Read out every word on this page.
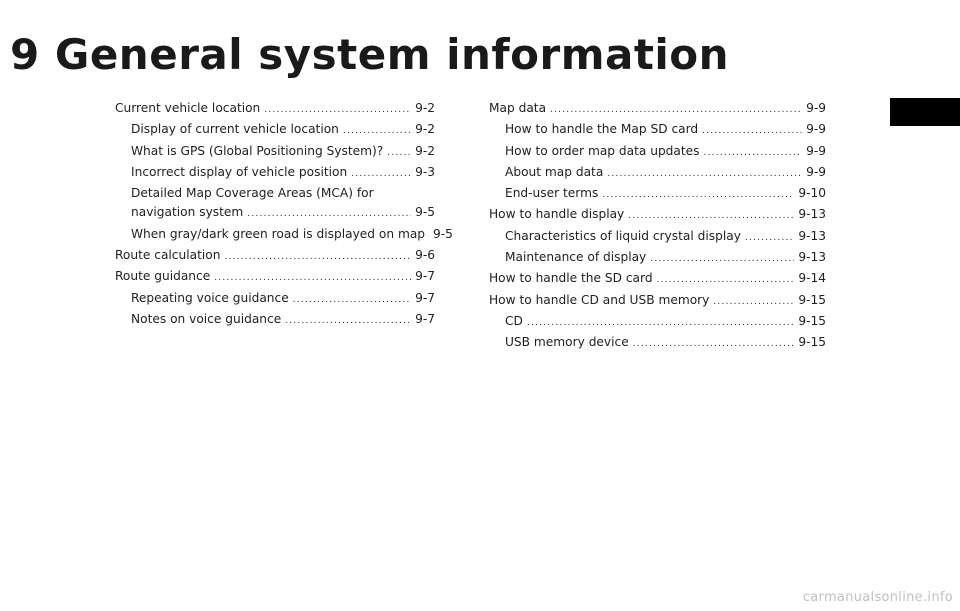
9 General system information
Current vehicle location .....	9-2
Display of current vehicle location .....	9-2
What is GPS (Global Positioning System)? .....	9-2
Incorrect display of vehicle position .....	9-3
Detailed Map Coverage Areas (MCA) for
navigation system .....	9-5
When gray/dark green road is displayed on map 9-5
Route calculation .....	9-6
Route guidance .....	9-7
Repeating voice guidance .....	9-7
Notes on voice guidance .....	9-7
Map data .....	9-9
How to handle the Map SD card .....	9-9
How to order map data updates .....	9-9
About map data .....	9-9
End-user terms .....	9-10
How to handle display .....	9-13
Characteristics of liquid crystal display .....	9-13
Maintenance of display .....	9-13
How to handle the SD card .....	9-14
How to handle CD and USB memory .....	9-15
CD .....	9-15
USB memory device .....	9-15
carmanualsonline.info
